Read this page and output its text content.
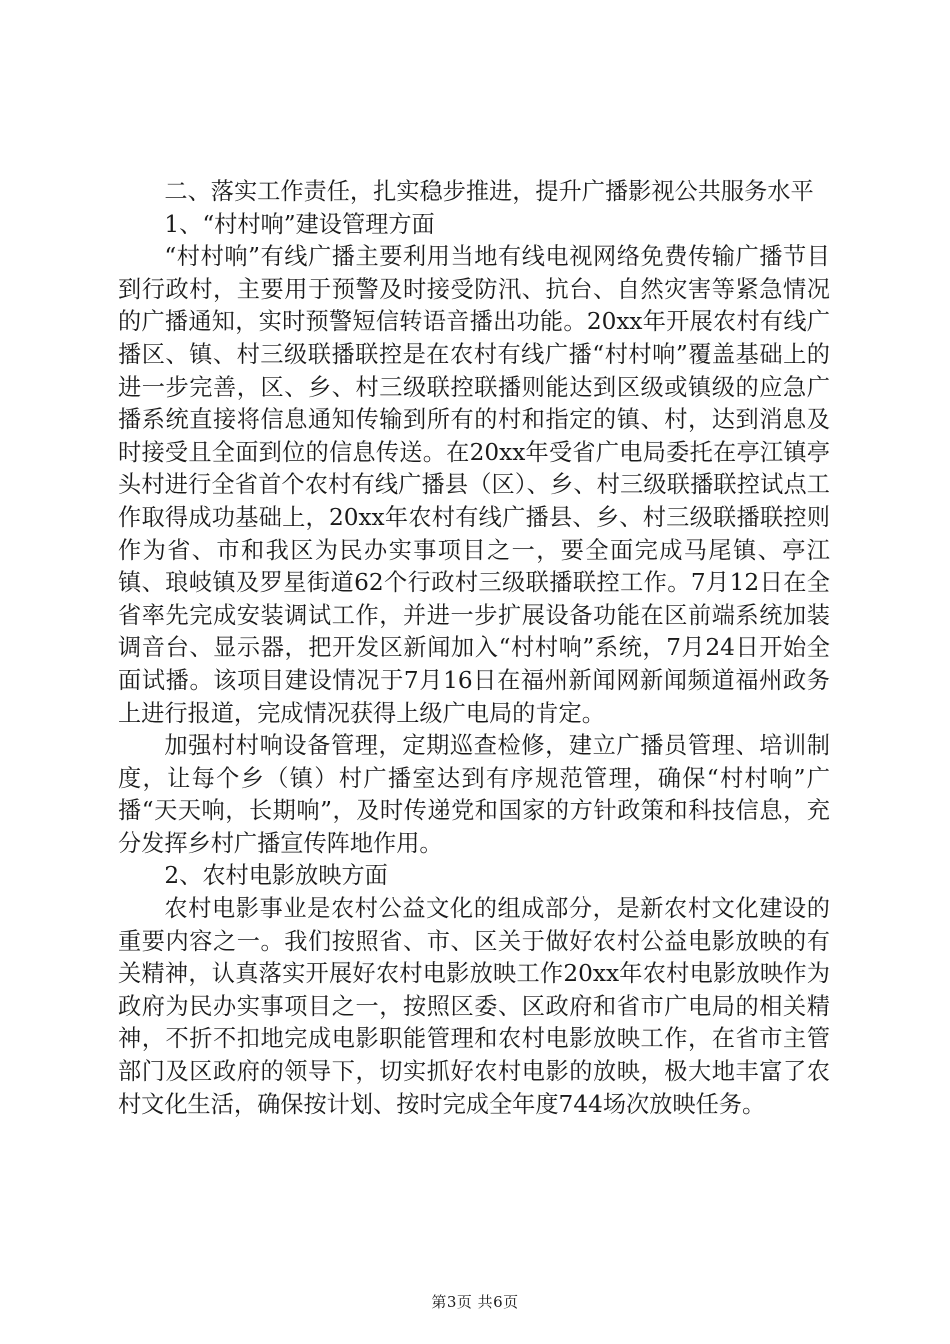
二、落实工作责任，扎实稳步推进，提升广播影视公共服务水平

1、“村村响”建设管理方面

“村村响”有线广播主要利用当地有线电视网络免费传输广播节目到行政村，主要用于预警及时接受防汛、抗台、自然灾害等紧急情况的广播通知，实时预警短信转语音播出功能。20xx年开展农村有线广播区、镇、村三级联播联控是在农村有线广播“村村响”覆盖基础上的进一步完善，区、乡、村三级联控联播则能达到区级或镇级的应急广播系统直接将信息通知传输到所有的村和指定的镇、村，达到消息及时接受且全面到位的信息传送。在20xx年受省广电局委托在亭江镇亭头村进行全省首个农村有线广播县（区）、乡、村三级联播联控试点工作取得成功基础上，20xx年农村有线广播县、乡、村三级联播联控则作为省、市和我区为民办实事项目之一，要全面完成马尾镇、亭江镇、琅岐镇及罗星街道62个行政村三级联播联控工作。7月12日在全省率先完成安装调试工作，并进一步扩展设备功能在区前端系统加装调音台、显示器，把开发区新闻加入“村村响”系统，7月24日开始全面试播。该项目建设情况于7月16日在福州新闻网新闻频道福州政务上进行报道，完成情况获得上级广电局的肯定。

加强村村响设备管理，定期巡查检修，建立广播员管理、培训制度，让每个乡（镇）村广播室达到有序规范管理，确保“村村响”广播“天天响，长期响”，及时传递党和国家的方针政策和科技信息，充分发挥乡村广播宣传阵地作用。

2、农村电影放映方面

农村电影事业是农村公益文化的组成部分，是新农村文化建设的重要内容之一。我们按照省、市、区关于做好农村公益电影放映的有关精神，认真落实开展好农村电影放映工作20xx年农村电影放映作为政府为民办实事项目之一，按照区委、区政府和省市广电局的相关精神，不折不扣地完成电影职能管理和农村电影放映工作，在省市主管部门及区政府的领导下，切实抓好农村电影的放映，极大地丰富了农村文化生活，确保按计划、按时完成全年度744场次放映任务。

第3页 共6页
